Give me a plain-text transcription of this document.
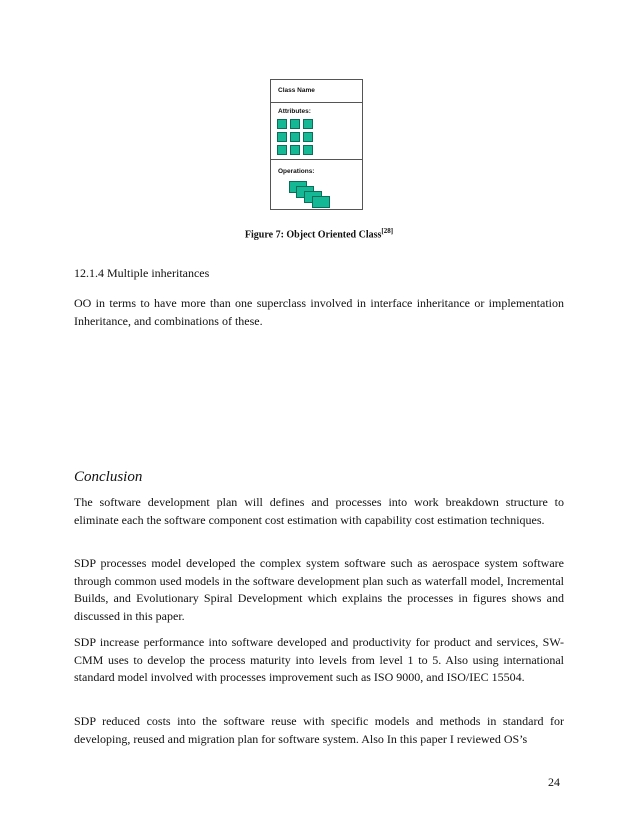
Class Name
Attributes:
Operations:
Figure 7: Object Oriented Class[28]

12.1.4 Multiple inheritances

OO in terms to have more than one superclass involved in interface inheritance or implementation Inheritance, and combinations of these.

Conclusion

The software development plan will defines and processes into work breakdown structure to eliminate each the software component cost estimation with capability cost estimation techniques.

SDP processes model developed the complex system software such as aerospace system software through common used models in the software development plan such as waterfall model, Incremental Builds, and Evolutionary Spiral Development which explains the processes in figures shows and discussed in this paper.

SDP increase performance into software developed and productivity for product and services, SW-CMM uses to develop the process maturity into levels from level 1 to 5. Also using international standard model involved with processes improvement such as ISO 9000, and ISO/IEC 15504.

SDP reduced costs into the software reuse with specific models and methods in standard for developing, reused and migration plan for software system. Also In this paper I reviewed OS’s

24
